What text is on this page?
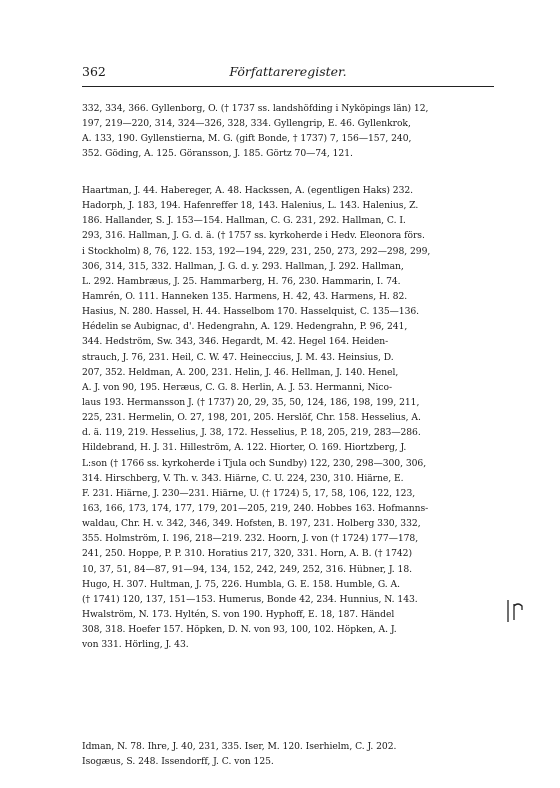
362	Författareregister.
332, 334, 366. Gyllenborg, O. († 1737 ss. landshöfding i Nyköpings län) 12,
197, 219—220, 314, 324—326, 328, 334. Gyllengrip, E. 46. Gyllenkrok,
A. 133, 190. Gyllenstierna, M. G. (gift Bonde, † 1737) 7, 156—157, 240,
352. Göding, A. 125. Göransson, J. 185. Görtz 70—74, 121.
Haartman, J. 44. Habereger, A. 48. Hackssen, A. (egentligen Haks) 232.
Hadorph, J. 183, 194. Hafenreffer 18, 143. Halenius, L. 143. Halenius, Z.
186. Hallander, S. J. 153—154. Hallman, C. G. 231, 292. Hallman, C. I.
293, 316. Hallman, J. G. d. ä. († 1757 ss. kyrkoherde i Hedv. Eleonora förs.
i Stockholm) 8, 76, 122. 153, 192—194, 229, 231, 250, 273, 292—298, 299,
306, 314, 315, 332. Hallman, J. G. d. y. 293. Hallman, J. 292. Hallman,
L. 292. Hambræus, J. 25. Hammarberg, H. 76, 230. Hammarin, I. 74.
Hamrén, O. 111. Hanneken 135. Harmens, H. 42, 43. Harmens, H. 82.
Hasius, N. 280. Hassel, H. 44. Hasselbom 170. Hasselquist, C. 135—136.
Hédelin se Aubignac, d'. Hedengrahn, A. 129. Hedengrahn, P. 96, 241,
344. Hedström, Sw. 343, 346. Hegardt, M. 42. Hegel 164. Heiden-
strauch, J. 76, 231. Heil, C. W. 47. Heineccius, J. M. 43. Heinsius, D.
207, 352. Heldman, A. 200, 231. Helin, J. 46. Hellman, J. 140. Henel,
A. J. von 90, 195. Heræus, C. G. 8. Herlin, A. J. 53. Hermanni, Nico-
laus 193. Hermansson J. († 1737) 20, 29, 35, 50, 124, 186, 198, 199, 211,
225, 231. Hermelin, O. 27, 198, 201, 205. Herslöf, Chr. 158. Hesselius, A.
d. ä. 119, 219. Hesselius, J. 38, 172. Hesselius, P. 18, 205, 219, 283—286.
Hildebrand, H. J. 31. Hilleström, A. 122. Hiorter, O. 169. Hiortzberg, J.
L:son († 1766 ss. kyrkoherde i Tjula och Sundby) 122, 230, 298—300, 306,
314. Hirschberg, V. Th. v. 343. Hiärne, C. U. 224, 230, 310. Hiärne, E.
F. 231. Hiärne, J. 230—231. Hiärne, U. († 1724) 5, 17, 58, 106, 122, 123,
163, 166, 173, 174, 177, 179, 201—205, 219, 240. Hobbes 163. Hofmanns-
waldau, Chr. H. v. 342, 346, 349. Hofsten, B. 197, 231. Holberg 330, 332,
355. Holmström, I. 196, 218—219. 232. Hoorn, J. von († 1724) 177—178,
241, 250. Hoppe, P. P. 310. Horatius 217, 320, 331. Horn, A. B. († 1742)
10, 37, 51, 84—87, 91—94, 134, 152, 242, 249, 252, 316. Hübner, J. 18.
Hugo, H. 307. Hultman, J. 75, 226. Humbla, G. E. 158. Humble, G. A.
(† 1741) 120, 137, 151—153. Humerus, Bonde 42, 234. Hunnius, N. 143.
Hwalström, N. 173. Hyltén, S. von 190. Hyphoff, E. 18, 187. Händel
308, 318. Hoefer 157. Höpken, D. N. von 93, 100, 102. Höpken, A. J.
von 331. Hörling, J. 43.
Idman, N. 78. Ihre, J. 40, 231, 335. Iser, M. 120. Iserhielm, C. J. 202.
Isogæus, S. 248. Issendorff, J. C. von 125.
